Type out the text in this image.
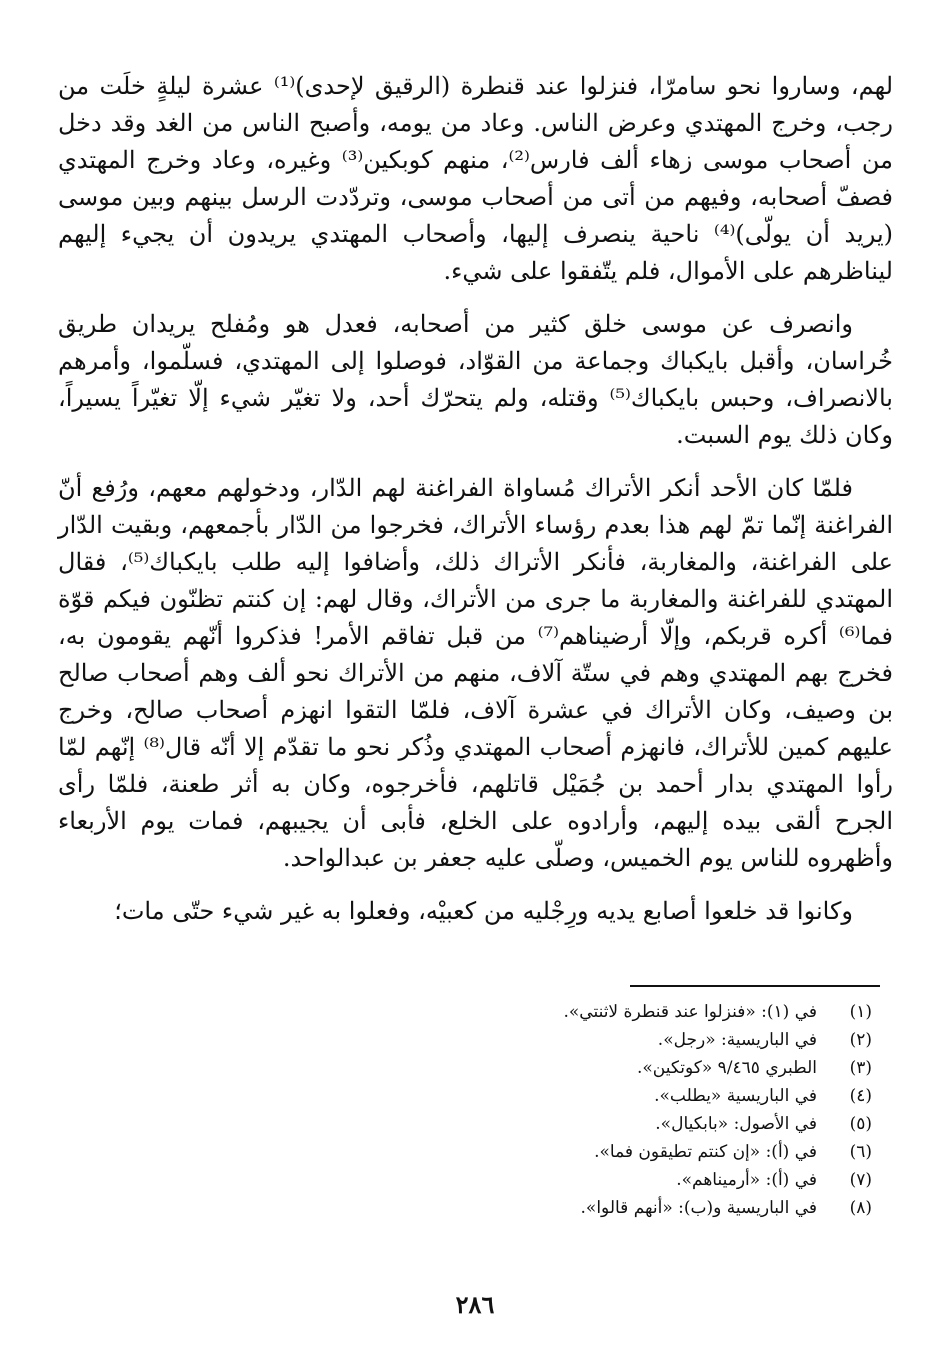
لهم، وساروا نحو سامرّا، فنزلوا عند قنطرة (الرقيق لإحدى)⁽¹⁾ عشرة ليلةٍ خلَت من رجب، وخرج المهتدي وعرض الناس. وعاد من يومه، وأصبح الناس من الغد وقد دخل من أصحاب موسى زهاء ألف فارس⁽²⁾، منهم كوبكين⁽³⁾ وغيره، وعاد وخرج المهتدي فصفّ أصحابه، وفيهم من أتى من أصحاب موسى، وتردّدت الرسل بينهم وبين موسى (يريد أن يولّى)⁽⁴⁾ ناحية ينصرف إليها، وأصحاب المهتدي يريدون أن يجيء إليهم ليناظرهم على الأموال، فلم يتّفقوا على شيء.

وانصرف عن موسى خلق كثير من أصحابه، فعدل هو ومُفلح يريدان طريق خُراسان، وأقبل بايكباك وجماعة من القوّاد، فوصلوا إلى المهتدي، فسلّموا، وأمرهم بالانصراف، وحبس بايكباك⁽⁵⁾ وقتله، ولم يتحرّك أحد، ولا تغيّر شيء إلّا تغيّراً يسيراً، وكان ذلك يوم السبت.

فلمّا كان الأحد أنكر الأتراك مُساواة الفراغنة لهم الدّار، ودخولهم معهم، ورُفع أنّ الفراغنة إنّما تمّ لهم هذا بعدم رؤساء الأتراك، فخرجوا من الدّار بأجمعهم، وبقيت الدّار على الفراغنة، والمغاربة، فأنكر الأتراك ذلك، وأضافوا إليه طلب بايكباك⁽⁵⁾، فقال المهتدي للفراغنة والمغاربة ما جرى من الأتراك، وقال لهم: إن كنتم تظنّون فيكم قوّة فما⁽⁶⁾ أكره قربكم، وإلّا أرضيناهم⁽⁷⁾ من قبل تفاقم الأمر! فذكروا أنّهم يقومون به، فخرج بهم المهتدي وهم في ستّة آلاف، منهم من الأتراك نحو ألف وهم أصحاب صالح بن وصيف، وكان الأتراك في عشرة آلاف، فلمّا التقوا انهزم أصحاب صالح، وخرج عليهم كمين للأتراك، فانهزم أصحاب المهتدي وذُكر نحو ما تقدّم إلا أنّه قال⁽⁸⁾ إنّهم لمّا رأوا المهتدي بدار أحمد بن جُمَيْل قاتلهم، فأخرجوه، وكان به أثر طعنة، فلمّا رأى الجرح ألقى بيده إليهم، وأرادوه على الخلع، فأبى أن يجيبهم، فمات يوم الأربعاء وأظهروه للناس يوم الخميس، وصلّى عليه جعفر بن عبدالواحد.

وكانوا قد خلعوا أصابع يديه ورِجْليه من كعبيْه، وفعلوا به غير شيء حتّى مات؛

(١)
في (١): «فنزلوا عند قنطرة لاثنتي».
(٢)
في الباريسية: «رجل».
(٣)
الطبري ٩/٤٦٥ «كوتكين».
(٤)
في الباريسية «يطلب».
(٥)
في الأصول: «بابكيال».
(٦)
في (أ): «إن كنتم تطيقون فما».
(٧)
في (أ): «أرميناهم».
(٨)
في الباريسية و(ب): «أنهم قالوا».
٢٨٦
